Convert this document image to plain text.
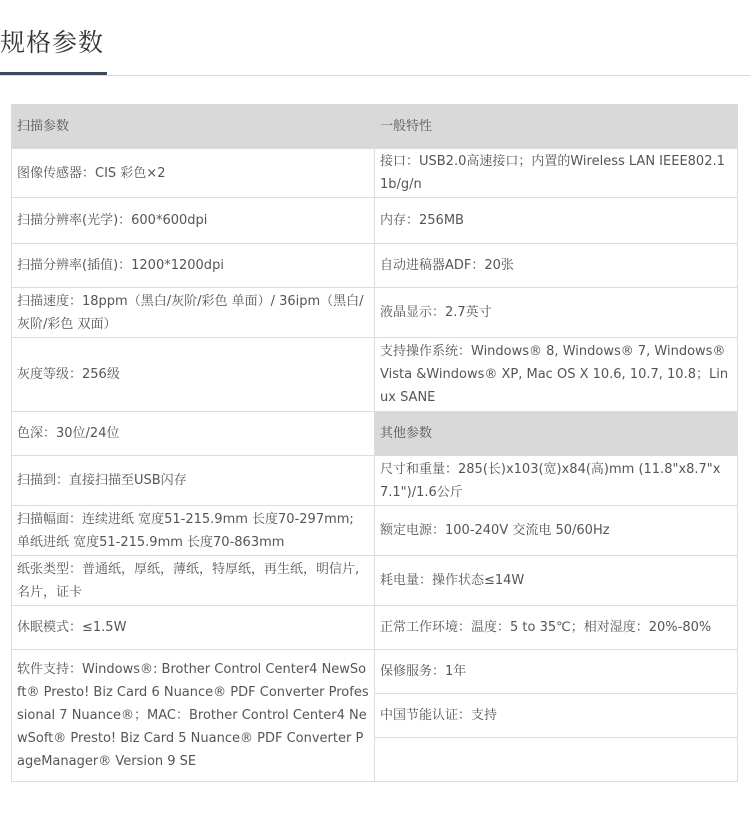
规格参数
扫描参数	一般特性
图像传感器：CIS 彩色×2	接口：USB2.0高速接口；内置的Wireless LAN IEEE802.11b/g/n
扫描分辨率(光学)：600*600dpi	内存：256MB
扫描分辨率(插值)：1200*1200dpi	自动进稿器ADF：20张
扫描速度：18ppm（黑白/灰阶/彩色 单面）/ 36ipm（黑白/灰阶/彩色 双面）	液晶显示：2.7英寸
灰度等级：256级	支持操作系统：Windows® 8, Windows® 7, Windows® Vista &Windows® XP, Mac OS X 10.6, 10.7, 10.8；Linux SANE
色深：30位/24位	其他参数
扫描到：直接扫描至USB闪存	尺寸和重量：285(长)x103(宽)x84(高)mm (11.8"x8.7"x7.1")/1.6公斤
扫描幅面：连续进纸 宽度51-215.9mm 长度70-297mm; 单纸进纸 宽度51-215.9mm 长度70-863mm	额定电源：100-240V 交流电 50/60Hz
纸张类型：普通纸，厚纸，薄纸，特厚纸，再生纸，明信片,名片，证卡	耗电量：操作状态≤14W
休眠模式：≤1.5W	正常工作环境：温度：5 to 35℃；相对湿度：20%-80%
软件支持：Windows®: Brother Control Center4 NewSoft® Presto! Biz Card 6 Nuance® PDF Converter Professional 7 Nuance®；MAC：Brother Control Center4 NewSoft® Presto! Biz Card 5 Nuance® PDF Converter PageManager® Version 9 SE	保修服务：1年
	中国节能认证：支持
